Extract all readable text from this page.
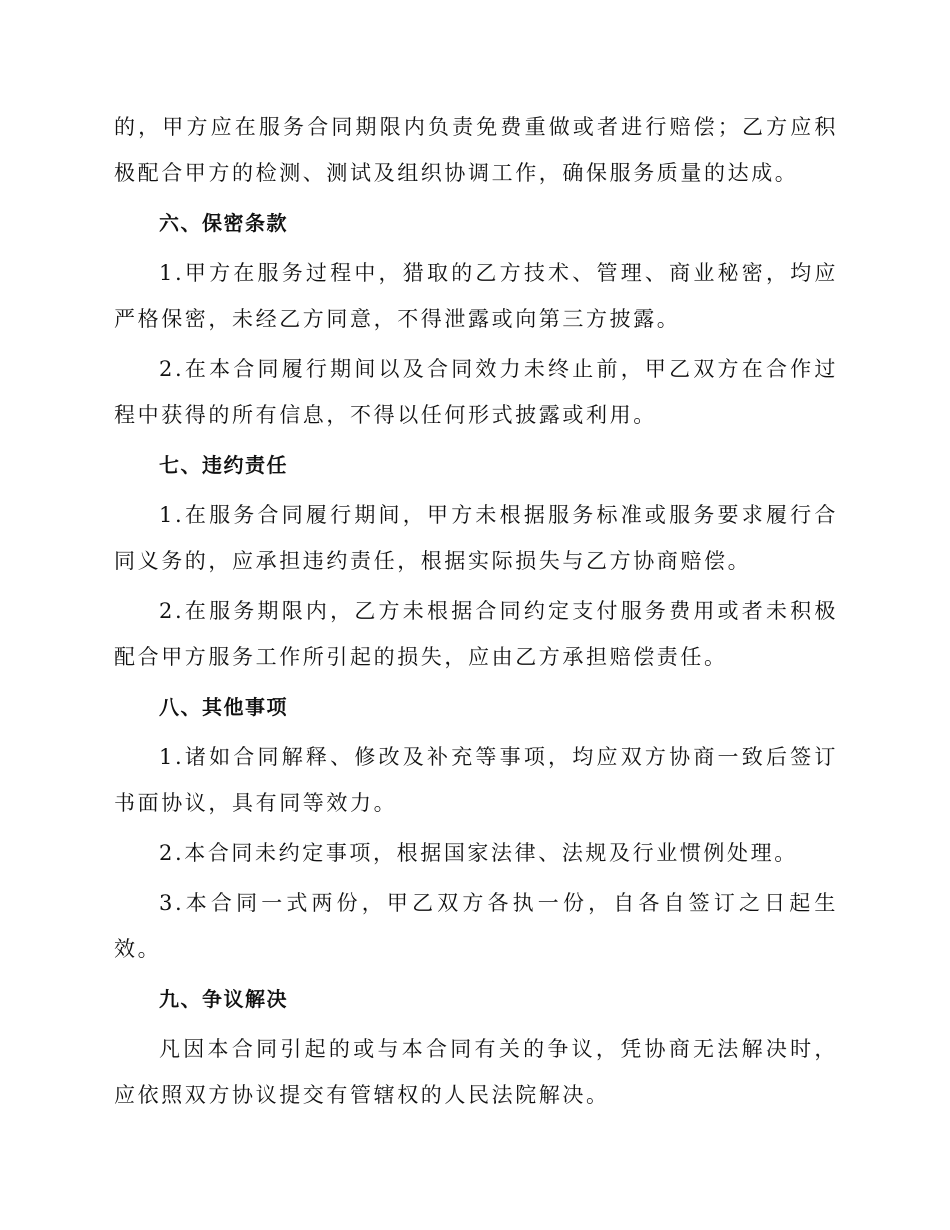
的，甲方应在服务合同期限内负责免费重做或者进行赔偿；乙方应积极配合甲方的检测、测试及组织协调工作，确保服务质量的达成。

六、保密条款

1.甲方在服务过程中，猎取的乙方技术、管理、商业秘密，均应严格保密，未经乙方同意，不得泄露或向第三方披露。

2.在本合同履行期间以及合同效力未终止前，甲乙双方在合作过程中获得的所有信息，不得以任何形式披露或利用。

七、违约责任

1.在服务合同履行期间，甲方未根据服务标准或服务要求履行合同义务的，应承担违约责任，根据实际损失与乙方协商赔偿。

2.在服务期限内，乙方未根据合同约定支付服务费用或者未积极配合甲方服务工作所引起的损失，应由乙方承担赔偿责任。

八、其他事项

1.诸如合同解释、修改及补充等事项，均应双方协商一致后签订书面协议，具有同等效力。

2.本合同未约定事项，根据国家法律、法规及行业惯例处理。

3.本合同一式两份，甲乙双方各执一份，自各自签订之日起生效。

九、争议解决

凡因本合同引起的或与本合同有关的争议，凭协商无法解决时，应依照双方协议提交有管辖权的人民法院解决。
